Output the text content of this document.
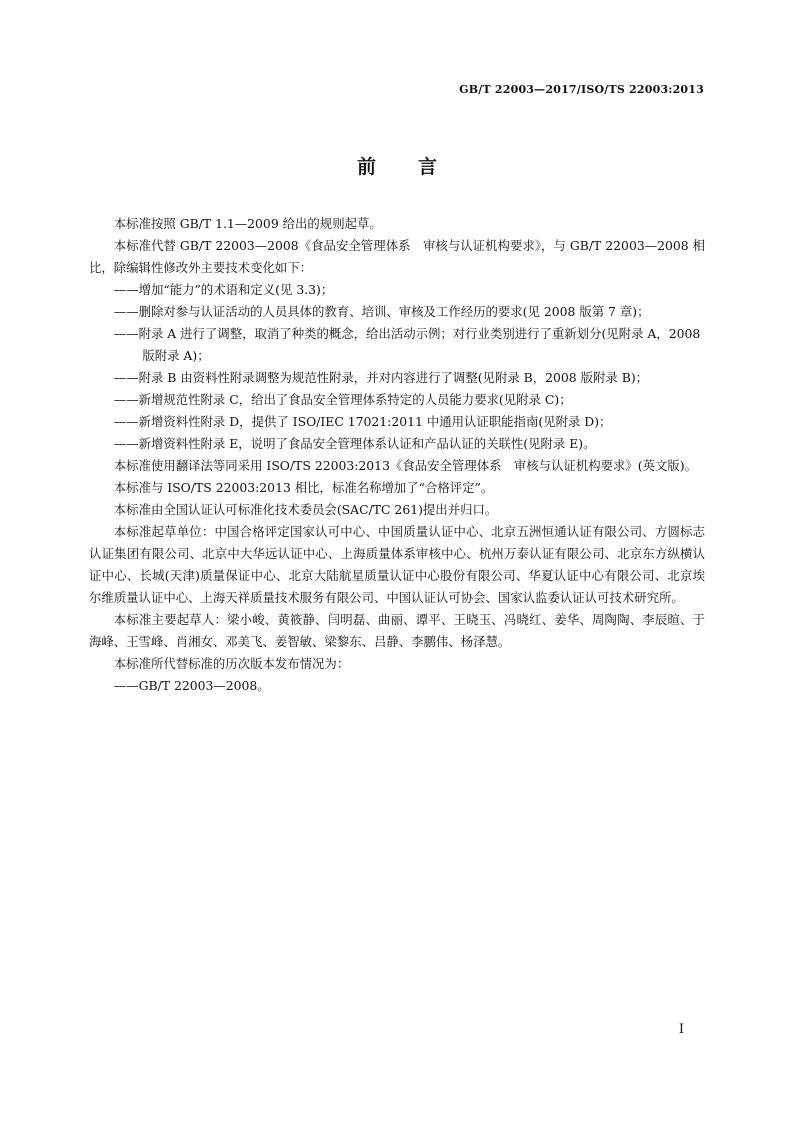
GB/T 22003—2017/ISO/TS 22003:2013
前言

本标准按照 GB/T 1.1—2009 给出的规则起草。

本标准代替 GB/T 22003—2008《食品安全管理体系　审核与认证机构要求》，与 GB/T 22003—2008 相比，除编辑性修改外主要技术变化如下：

——增加“能力”的术语和定义(见 3.3)；

——删除对参与认证活动的人员具体的教育、培训、审核及工作经历的要求(见 2008 版第 7 章)；

——附录 A 进行了调整，取消了种类的概念，给出活动示例；对行业类别进行了重新划分(见附录 A，2008 版附录 A)；

——附录 B 由资料性附录调整为规范性附录，并对内容进行了调整(见附录 B，2008 版附录 B)；

——新增规范性附录 C，给出了食品安全管理体系特定的人员能力要求(见附录 C)；

——新增资料性附录 D，提供了 ISO/IEC 17021:2011 中通用认证职能指南(见附录 D)；

——新增资料性附录 E，说明了食品安全管理体系认证和产品认证的关联性(见附录 E)。

本标准使用翻译法等同采用 ISO/TS 22003:2013《食品安全管理体系　审核与认证机构要求》(英文版)。

本标准与 ISO/TS 22003:2013 相比，标准名称增加了“合格评定”。

本标准由全国认证认可标准化技术委员会(SAC/TC 261)提出并归口。

本标准起草单位：中国合格评定国家认可中心、中国质量认证中心、北京五洲恒通认证有限公司、方圆标志认证集团有限公司、北京中大华远认证中心、上海质量体系审核中心、杭州万泰认证有限公司、北京东方纵横认证中心、长城(天津)质量保证中心、北京大陆航星质量认证中心股份有限公司、华夏认证中心有限公司、北京埃尔维质量认证中心、上海天祥质量技术服务有限公司、中国认证认可协会、国家认监委认证认可技术研究所。

本标准主要起草人：梁小峻、黄筱静、闫明磊、曲丽、谭平、王晓玉、冯晓红、姜华、周陶陶、李辰暄、于海峰、王雪峰、肖湘女、邓美飞、姜智敏、梁黎东、吕静、李鹏伟、杨泽慧。

本标准所代替标准的历次版本发布情况为：

——GB/T 22003—2008。

I
